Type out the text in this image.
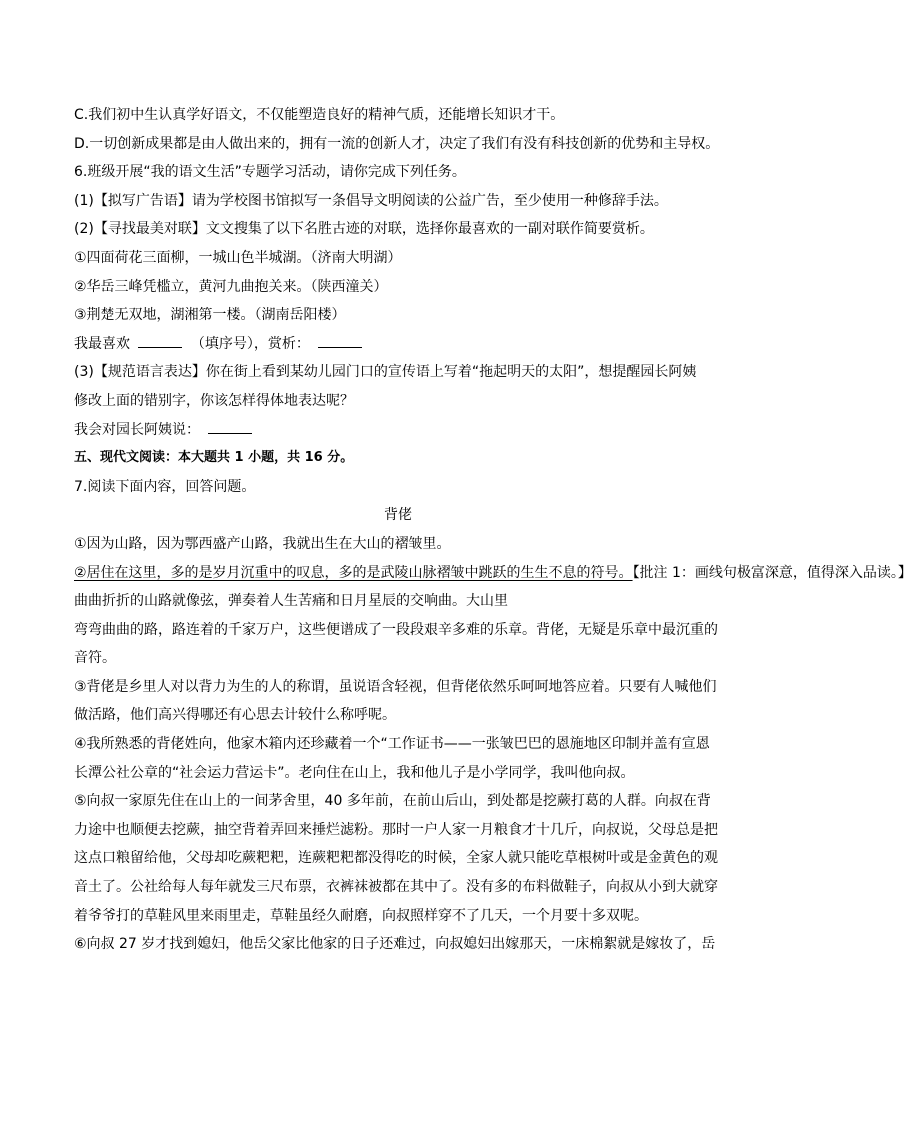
C.我们初中生认真学好语文，不仅能塑造良好的精神气质，还能增长知识才干。
D.一切创新成果都是由人做出来的，拥有一流的创新人才，决定了我们有没有科技创新的优势和主导权。
6.班级开展“我的语文生活”专题学习活动，请你完成下列任务。
(1)【拟写广告语】请为学校图书馆拟写一条倡导文明阅读的公益广告，至少使用一种修辞手法。
(2)【寻找最美对联】文文搜集了以下名胜古迹的对联，选择你最喜欢的一副对联作简要赏析。
①四面荷花三面柳，一城山色半城湖。（济南大明湖）
②华岳三峰凭槛立，黄河九曲抱关来。（陕西潼关）
③荆楚无双地，湖湘第一楼。（湖南岳阳楼）
我最喜欢	（填序号），赏析：
(3)【规范语言表达】你在街上看到某幼儿园门口的宣传语上写着“拖起明天的太阳”，想提醒园长阿姨
修改上面的错别字，你该怎样得体地表达呢？
我会对园长阿姨说：
五、现代文阅读：本大题共 1 小题，共 16 分。
7.阅读下面内容，回答问题。
背佬
①因为山路，因为鄂西盛产山路，我就出生在大山的褶皱里。
②居住在这里，多的是岁月沉重中的叹息，多的是武陵山脉褶皱中跳跃的生生不息的符号。【批注 1：画线句极富深意，值得深入品读。】
曲曲折折的山路就像弦，弹奏着人生苦痛和日月星辰的交响曲。大山里
弯弯曲曲的路，路连着的千家万户，这些便谱成了一段段艰辛多难的乐章。背佬，无疑是乐章中最沉重的
音符。
③背佬是乡里人对以背力为生的人的称谓，虽说语含轻视，但背佬依然乐呵呵地答应着。只要有人喊他们
做活路，他们高兴得哪还有心思去计较什么称呼呢。
④我所熟悉的背佬姓向，他家木箱内还珍藏着一个“工作证书——一张皱巴巴的恩施地区印制并盖有宣恩
长潭公社公章的“社会运力营运卡”。老向住在山上，我和他儿子是小学同学，我叫他向叔。
⑤向叔一家原先住在山上的一间茅舍里，40 多年前，在前山后山，到处都是挖蕨打葛的人群。向叔在背
力途中也顺便去挖蕨，抽空背着弄回来捶烂滤粉。那时一户人家一月粮食才十几斤，向叔说，父母总是把
这点口粮留给他，父母却吃蕨粑粑，连蕨粑粑都没得吃的时候，全家人就只能吃草根树叶或是金黄色的观
音土了。公社给每人每年就发三尺布票，衣裤袜被都在其中了。没有多的布料做鞋子，向叔从小到大就穿
着爷爷打的草鞋风里来雨里走，草鞋虽经久耐磨，向叔照样穿不了几天，一个月要十多双呢。
⑥向叔 27 岁才找到媳妇，他岳父家比他家的日子还难过，向叔媳妇出嫁那天，一床棉絮就是嫁妆了，岳
